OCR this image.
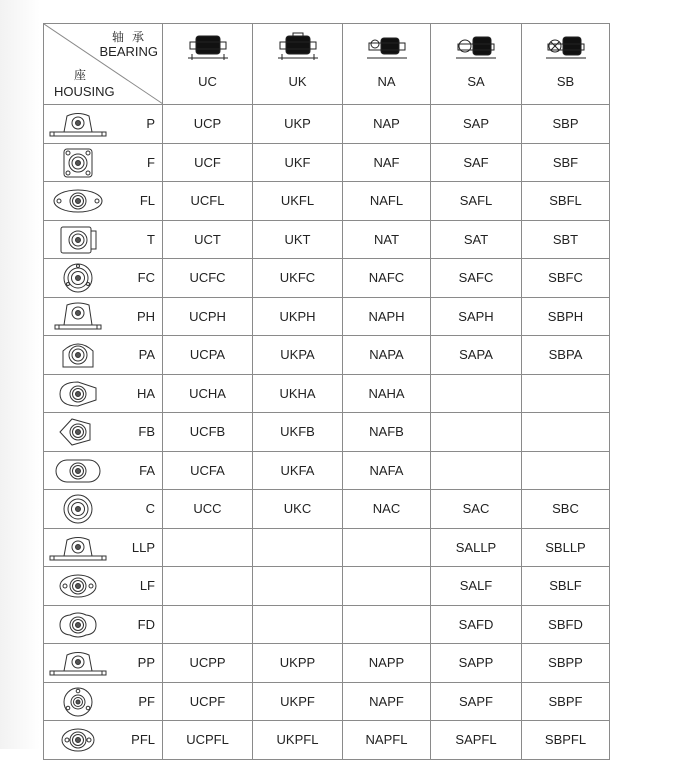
轴承
BEARING
座
HOUSING	UC	UK	NA	SA	SB

P	UCP	UKP	NAP	SAP	SBP

F	UCF	UKF	NAF	SAF	SBF

FL	UCFL	UKFL	NAFL	SAFL	SBFL

T	UCT	UKT	NAT	SAT	SBT

FC	UCFC	UKFC	NAFC	SAFC	SBFC

PH	UCPH	UKPH	NAPH	SAPH	SBPH

PA	UCPA	UKPA	NAPA	SAPA	SBPA

HA	UCHA	UKHA	NAHA		

FB	UCFB	UKFB	NAFB		

FA	UCFA	UKFA	NAFA		

C	UCC	UKC	NAC	SAC	SBC

LLP				SALLP	SBLLP

LF				SALF	SBLF

FD				SAFD	SBFD

PP	UCPP	UKPP	NAPP	SAPP	SBPP

PF	UCPF	UKPF	NAPF	SAPF	SBPF

PFL	UCPFL	UKPFL	NAPFL	SAPFL	SBPFL
